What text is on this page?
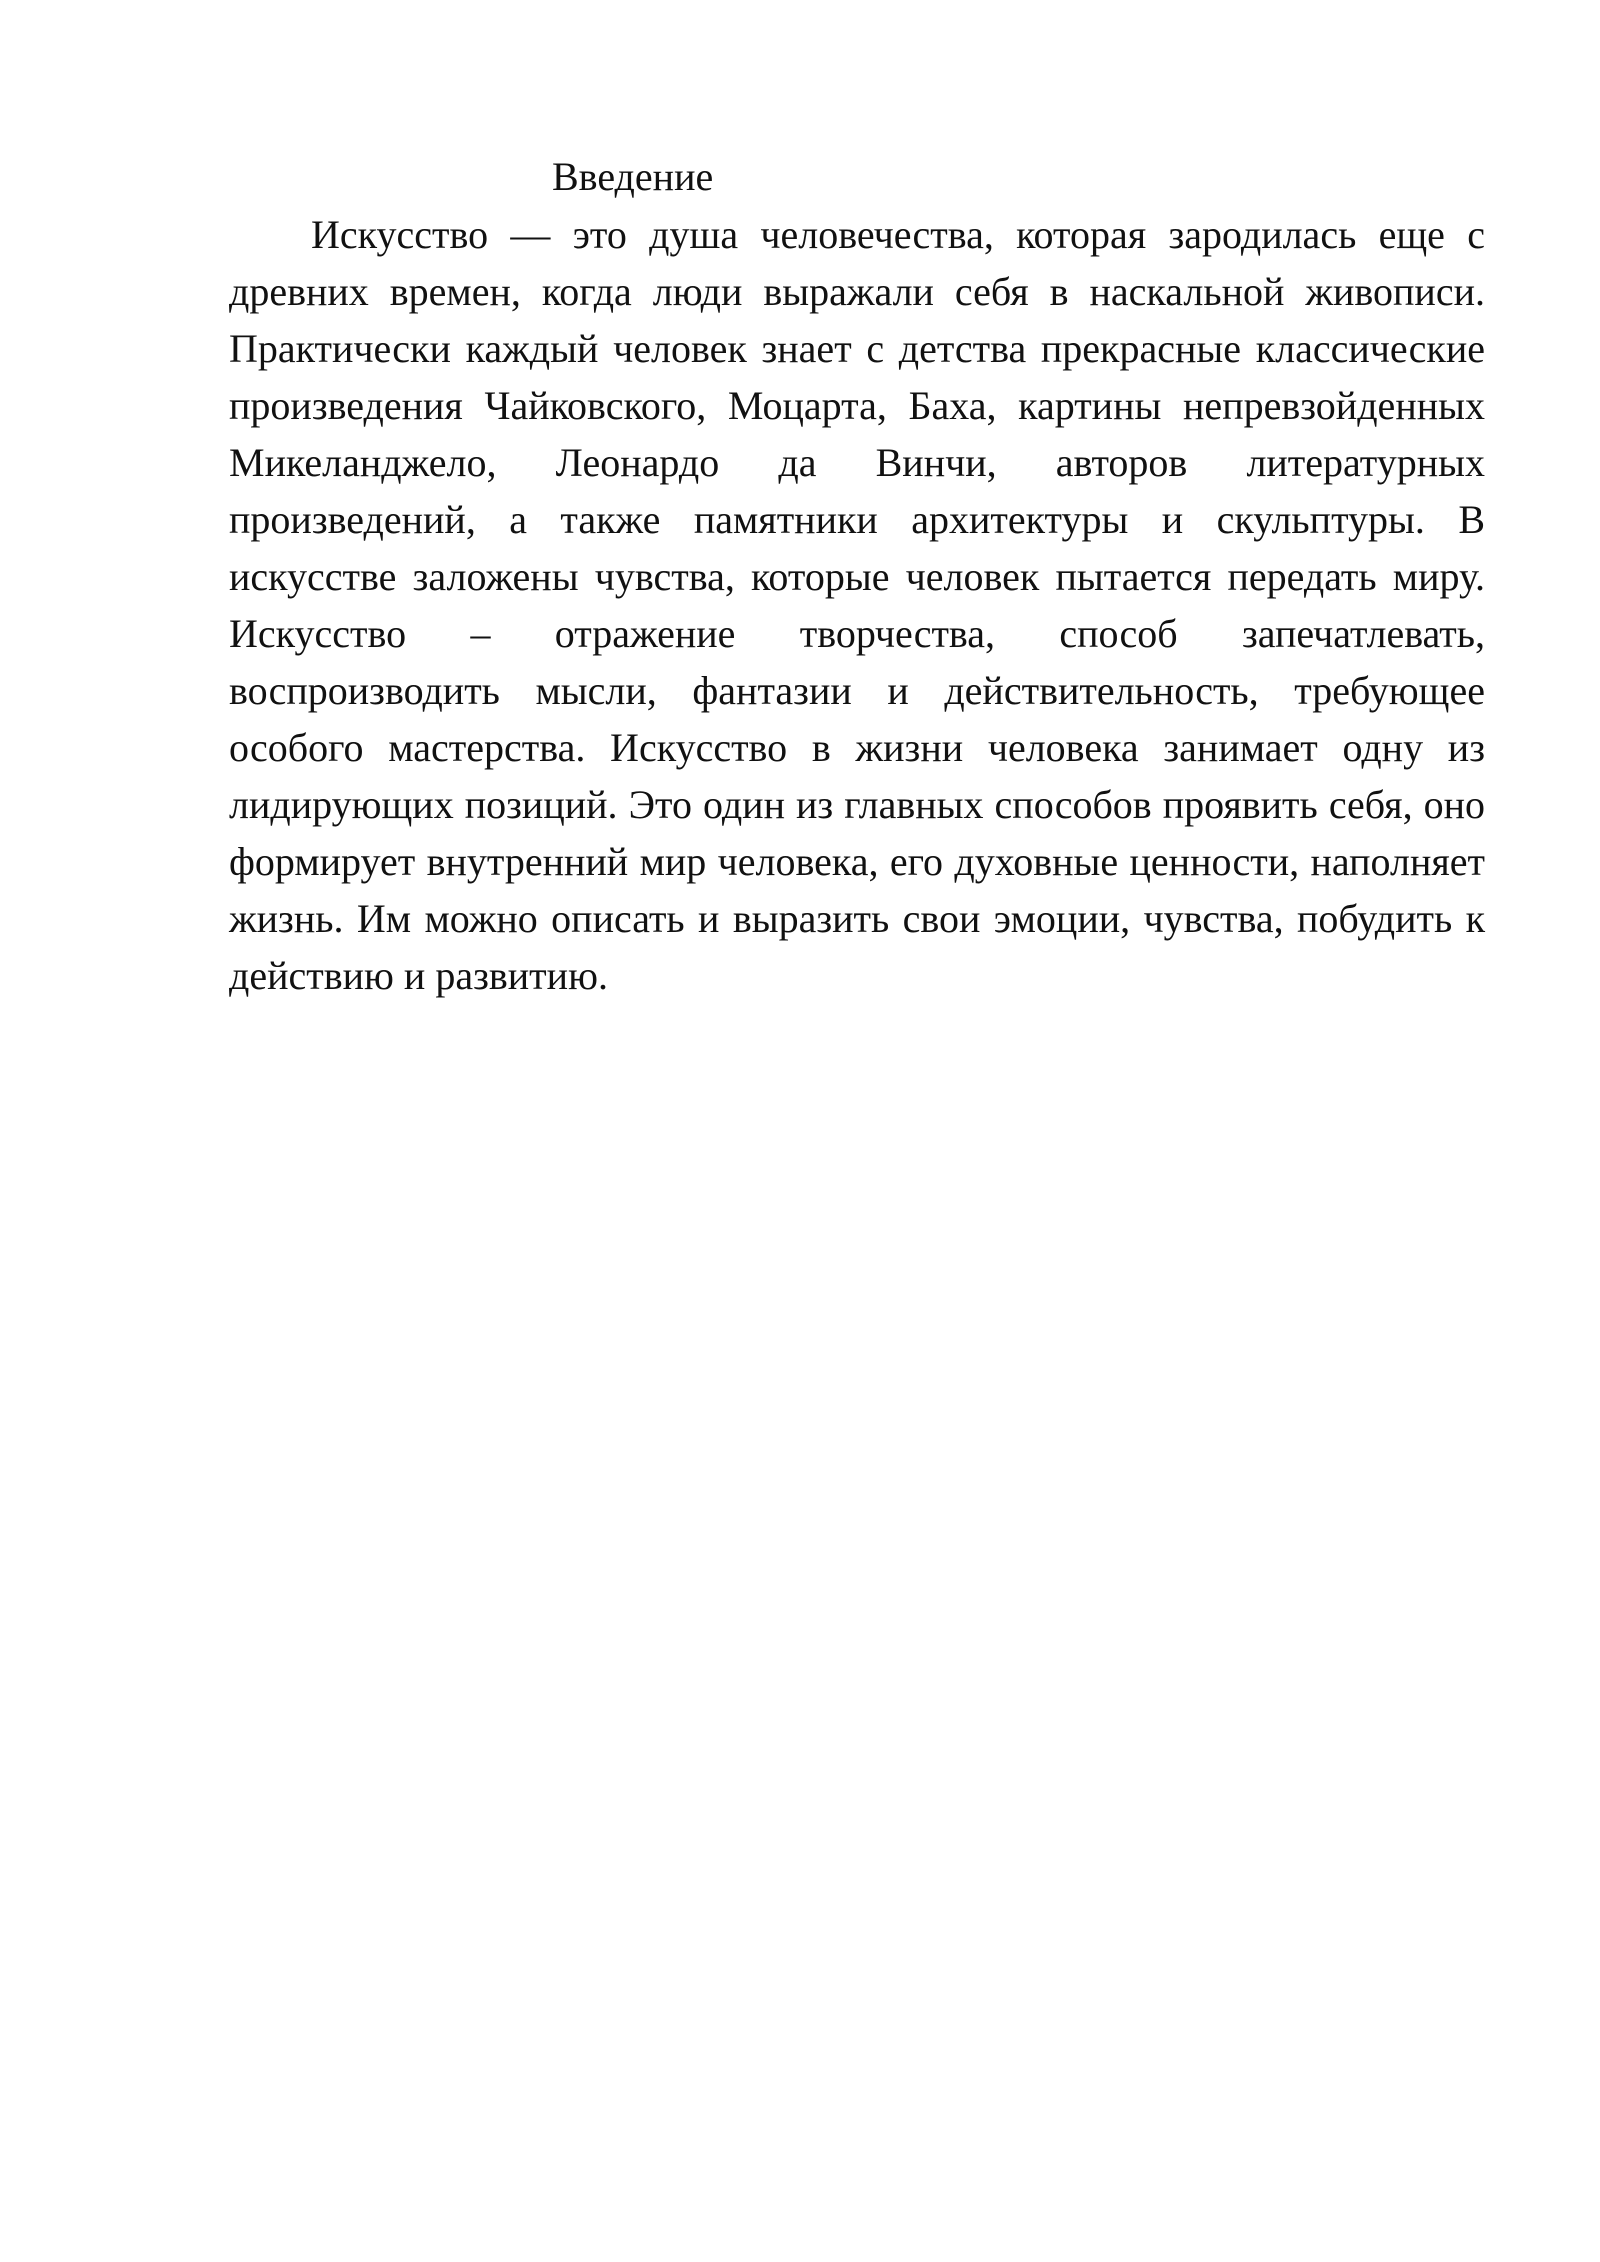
Введение

Искусство — это душа человечества, которая зародилась еще с древних времен, когда люди выражали себя в наскальной живописи. Практически каждый человек знает с детства прекрасные классические произведения Чайковского, Моцарта, Баха, картины непревзойденных Микеланджело, Леонардо да Винчи, авторов литературных произведений, а также памятники архитектуры и скульптуры. В искусстве заложены чувства, которые человек пытается передать миру. Искусство – отражение творчества, способ запечатлевать, воспроизводить мысли, фантазии и действительность, требующее особого мастерства. Искусство в жизни человека занимает одну из лидирующих позиций. Это один из главных способов проявить себя, оно формирует внутренний мир человека, его духовные ценности, наполняет жизнь. Им можно описать и выразить свои эмоции, чувства, побудить к действию и развитию.
